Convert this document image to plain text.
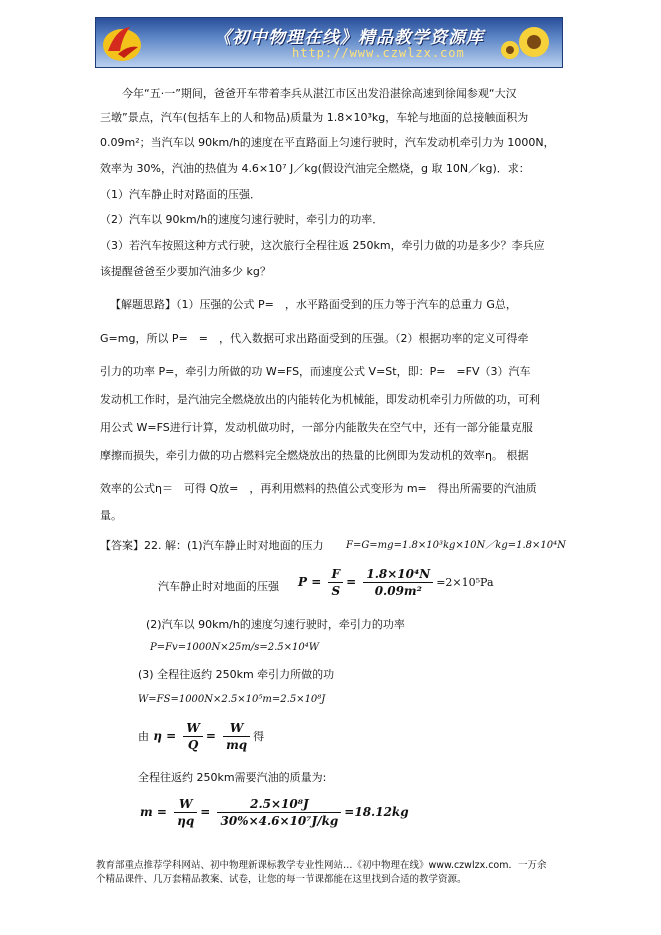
《初中物理在线》精品教学资源库
http://www.czwlzx.com
今年“五·一”期间，爸爸开车带着李兵从湛江市区出发沿湛徐高速到徐闻参观“大汉
三墩”景点，汽车(包括车上的人和物品)质量为 1.8×10³kg，车轮与地面的总接触面积为
0.09m²；当汽车以 90km/h的速度在平直路面上匀速行驶时，汽车发动机牵引力为 1000N，
效率为 30%，汽油的热值为 4.6×10⁷ J／kg(假设汽油完全燃烧，g 取 10N／kg)．求：
（1）汽车静止时对路面的压强．
（2）汽车以 90km/h的速度匀速行驶时，牵引力的功率．
（3）若汽车按照这种方式行驶，这次旅行全程往返 250km，牵引力做的功是多少？李兵应
该提醒爸爸至少要加汽油多少 kg？
【解题思路】（1）压强的公式 P=　，水平路面受到的压力等于汽车的总重力 G总，
G=mg，所以 P=　=　，代入数据可求出路面受到的压强。（2）根据功率的定义可得牵
引力的功率 P=，牵引力所做的功 W=FS，而速度公式 V=St，即：P=　=FV（3）汽车
发动机工作时，是汽油完全燃烧放出的内能转化为机械能，即发动机牵引力所做的功，可利
用公式 W=FS进行计算，发动机做功时，一部分内能散失在空气中，还有一部分能量克服
摩擦而损失，牵引力做的功占燃料完全燃烧放出的热量的比例即为发动机的效率η。 根据
效率的公式η＝　可得 Q放=　，再利用燃料的热值公式变形为 m=　得出所需要的汽油质
量。
【答案】22. 解：(1)汽车静止时对地面的压力 F=G=mg=1.8×10³kg×10N／kg=1.8×10⁴N
汽车静止时对地面的压强 $P = \frac{F}{S} = \frac{\text{1.8×10⁴N}}{\text{0.09m²}} =2\times 10^5Pa$
(2)汽车以 90km/h的速度匀速行驶时，牵引力的功率
P=Fv=1000N×25m/s=2.5×10⁴W
(3) 全程往返约 250km 牵引力所做的功
W=FS=1000N×2.5×10⁵m=2.5×10⁸J
由 $\eta = \frac{W}{Q} = \frac{W}{mq}$ 得
全程往返约 250km需要汽油的质量为:
$m = \frac{W}{\eta q} = \frac{\text{2.5×10⁸J}}{\text{30\%×4.6×10⁷J/kg}} =18.12kg$
教育部重点推荐学科网站、初中物理新课标教学专业性网站…《初中物理在线》www.czwlzx.com．一万余
个精品课件、几万套精品教案、试卷，让您的每一节课都能在这里找到合适的教学资源。
